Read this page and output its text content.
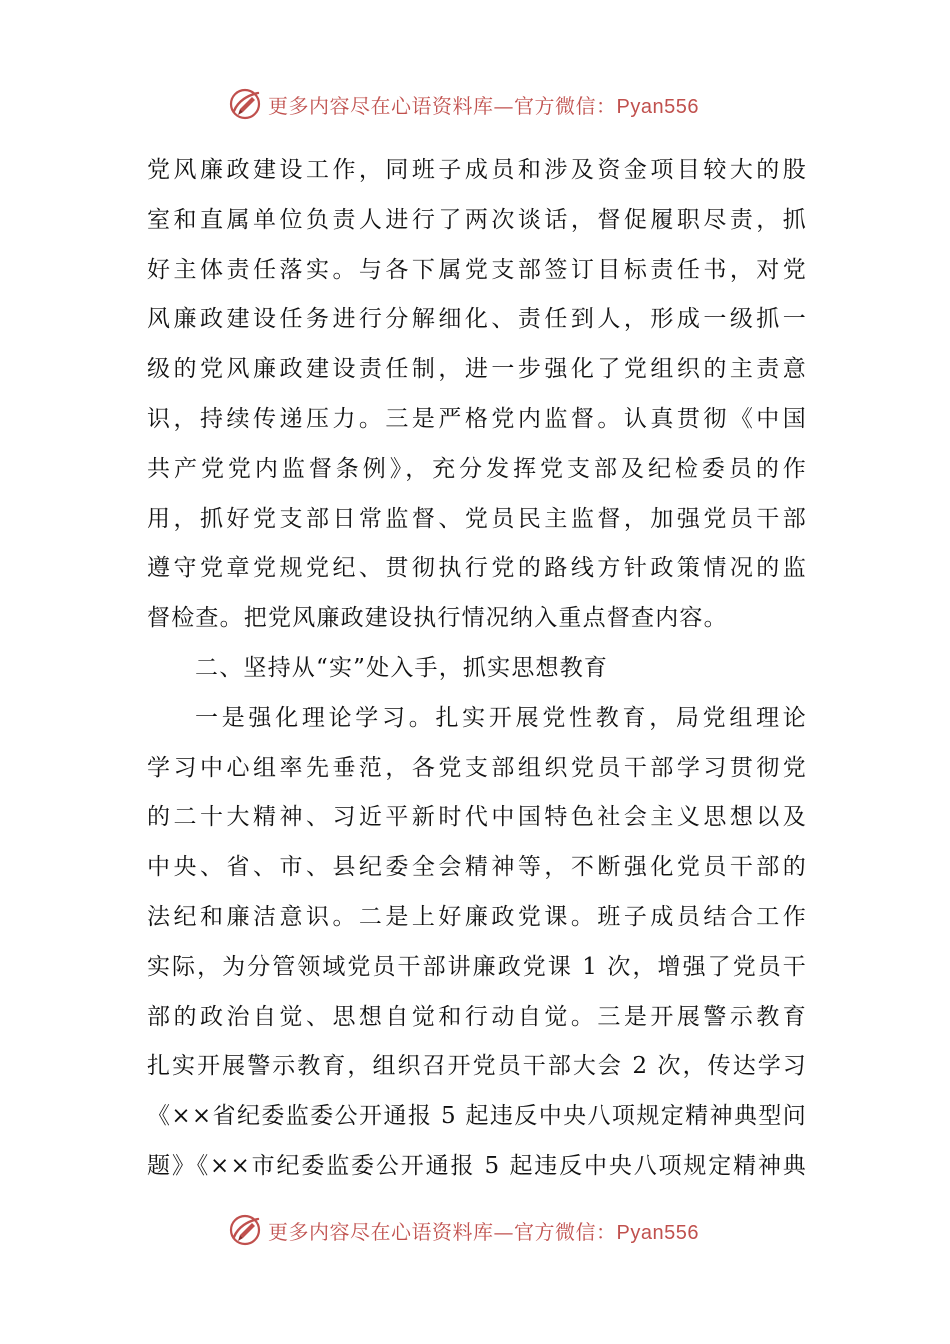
更多内容尽在心语资料库—官方微信：Pyan556
党风廉政建设工作，同班子成员和涉及资金项目较大的股
室和直属单位负责人进行了两次谈话，督促履职尽责，抓
好主体责任落实。与各下属党支部签订目标责任书，对党
风廉政建设任务进行分解细化、责任到人，形成一级抓一
级的党风廉政建设责任制，进一步强化了党组织的主责意
识，持续传递压力。三是严格党内监督。认真贯彻《中国
共产党党内监督条例》，充分发挥党支部及纪检委员的作
用，抓好党支部日常监督、党员民主监督，加强党员干部
遵守党章党规党纪、贯彻执行党的路线方针政策情况的监
督检查。把党风廉政建设执行情况纳入重点督查内容。
二、坚持从“实”处入手，抓实思想教育
一是强化理论学习。扎实开展党性教育，局党组理论
学习中心组率先垂范，各党支部组织党员干部学习贯彻党
的二十大精神、习近平新时代中国特色社会主义思想以及
中央、省、市、县纪委全会精神等，不断强化党员干部的
法纪和廉洁意识。二是上好廉政党课。班子成员结合工作
实际，为分管领域党员干部讲廉政党课 1 次，增强了党员干
部的政治自觉、思想自觉和行动自觉。三是开展警示教育
扎实开展警示教育，组织召开党员干部大会 2 次，传达学习
《××省纪委监委公开通报 5 起违反中央八项规定精神典型问
题》《××市纪委监委公开通报 5 起违反中央八项规定精神典
更多内容尽在心语资料库—官方微信：Pyan556
